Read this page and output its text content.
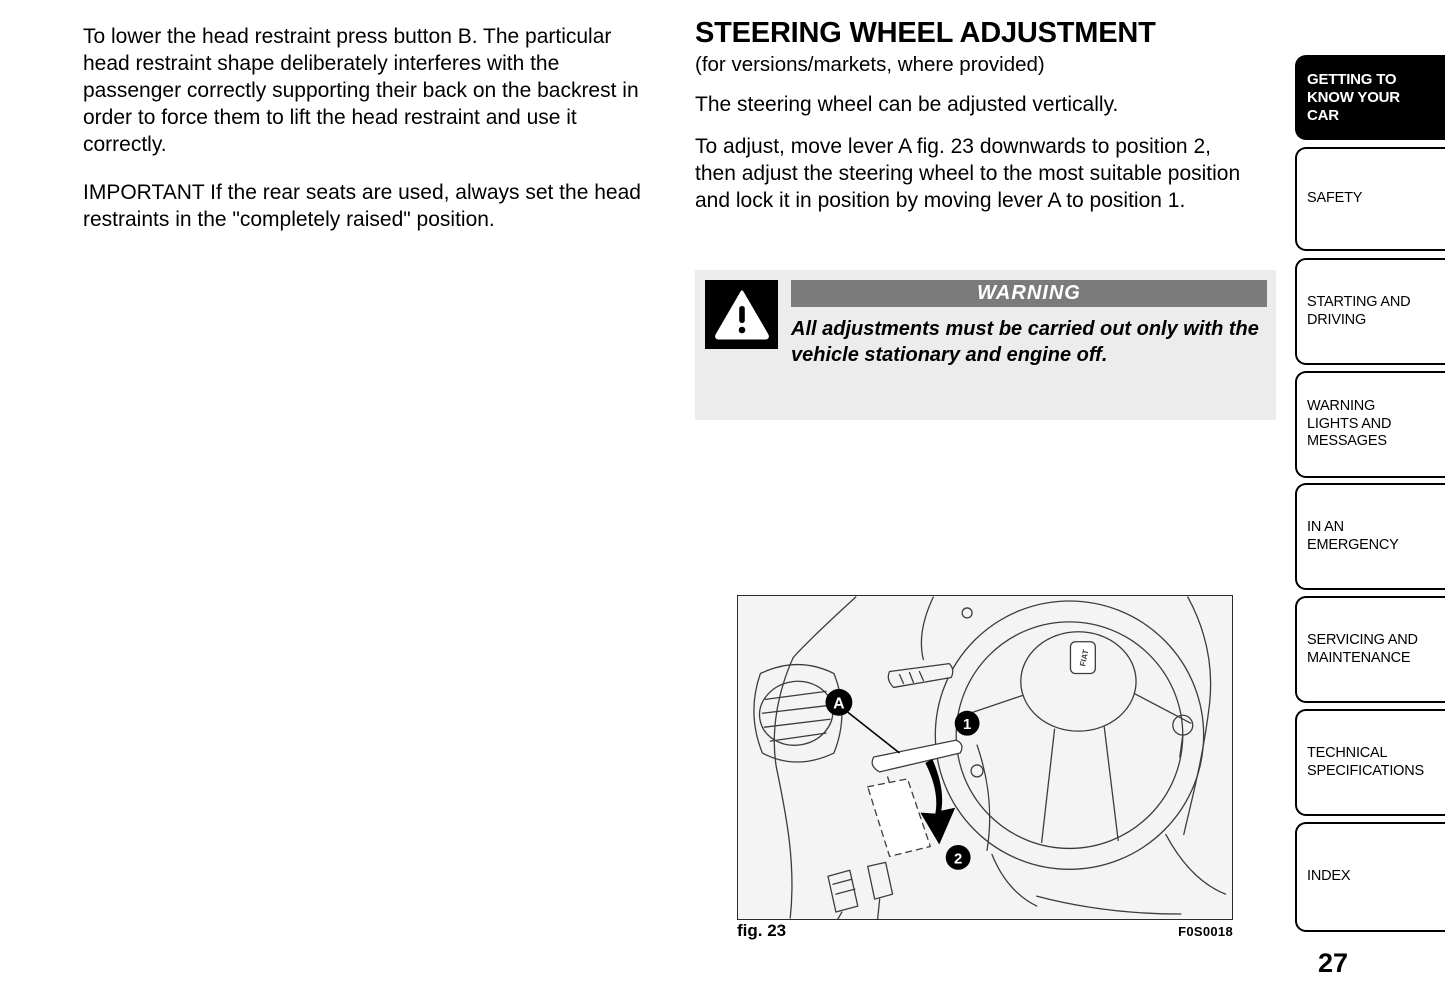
To lower the head restraint press button B. The particular head restraint shape deliberately interferes with the passenger correctly supporting their back on the backrest in order to force them to lift the head restraint and use it correctly.

IMPORTANT If the rear seats are used, always set the head restraints in the "completely raised" position.

STEERING WHEEL ADJUSTMENT
(for versions/markets, where provided)

The steering wheel can be adjusted vertically.

To adjust, move lever A fig. 23 downwards to position 2, then adjust the steering wheel to the most suitable position and lock it in position by moving lever A to position 1.

WARNING

All adjustments must be carried out only with the vehicle stationary and engine off.

A
1
2
FIAT
fig. 23	F0S0018
GETTING TO KNOW YOUR CAR
SAFETY
STARTING AND DRIVING
WARNING LIGHTS AND MESSAGES
IN AN EMERGENCY
SERVICING AND MAINTENANCE
TECHNICAL SPECIFICATIONS
INDEX
27
